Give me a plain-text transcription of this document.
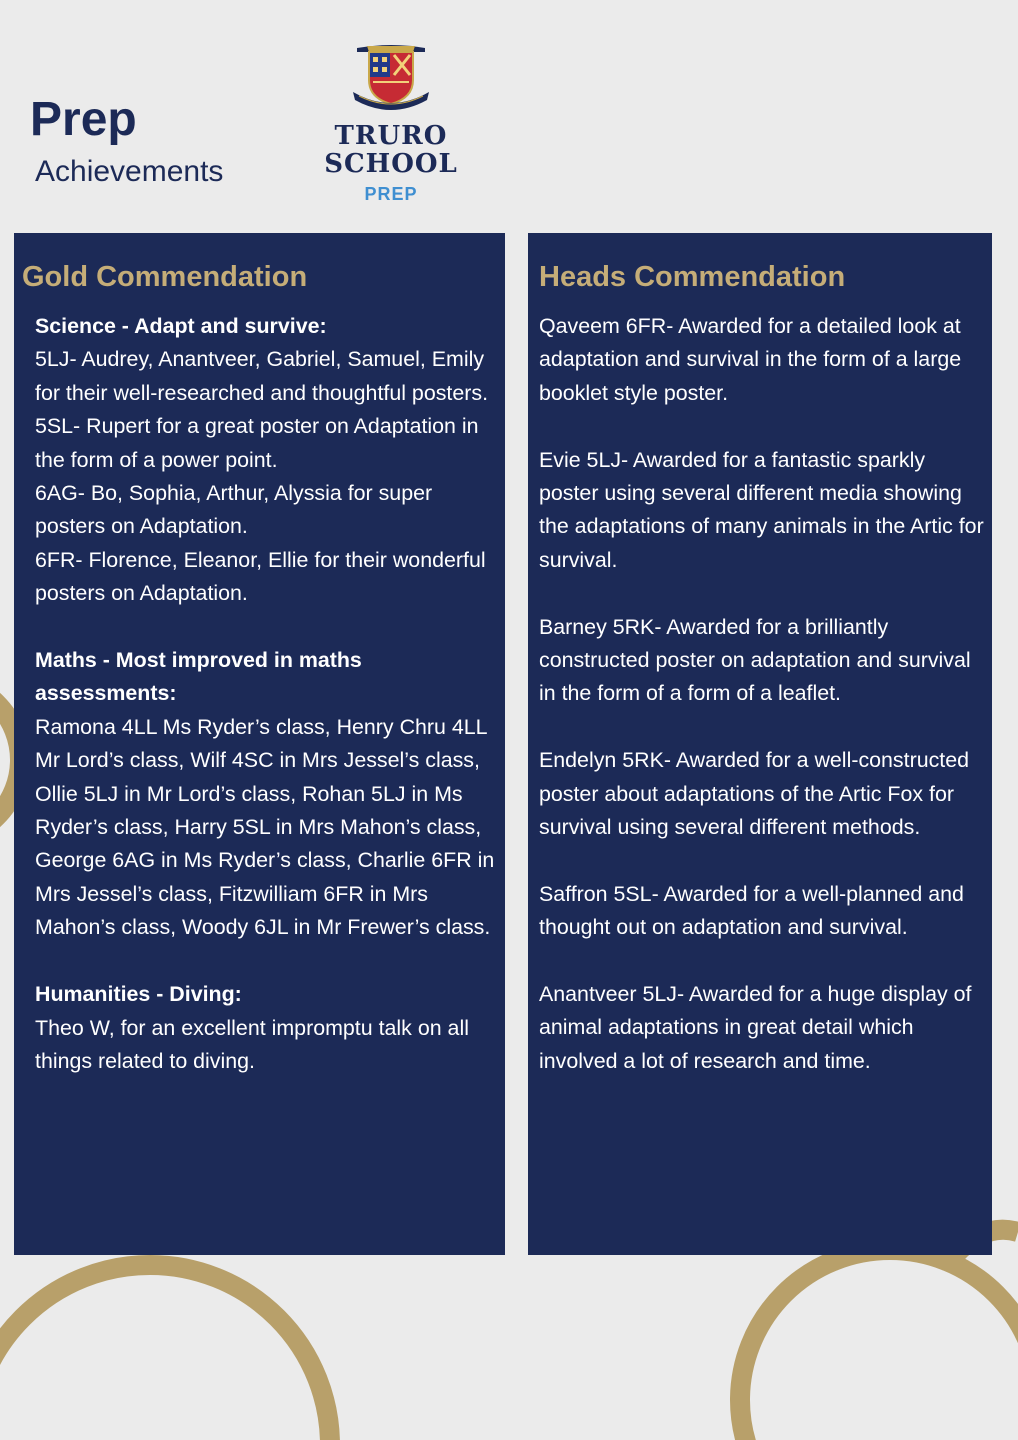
Prep
Achievements
TRURO
SCHOOL
PREP
Gold Commendation

Science - Adapt and survive:

5LJ- Audrey, Anantveer, Gabriel, Samuel, Emily for their well-researched and thoughtful posters.

5SL- Rupert for a great poster on Adaptation in the form of a power point.

6AG- Bo, Sophia, Arthur, Alyssia for super posters on Adaptation.

6FR- Florence, Eleanor, Ellie for their wonderful posters on Adaptation.

Maths - Most improved in maths assessments:

Ramona 4LL Ms Ryder’s class, Henry Chru 4LL Mr Lord’s class, Wilf 4SC in Mrs Jessel’s class, Ollie 5LJ in Mr Lord’s class, Rohan 5LJ in Ms Ryder’s class, Harry 5SL in Mrs Mahon’s class, George 6AG in Ms Ryder’s class, Charlie 6FR in Mrs Jessel’s class, Fitzwilliam 6FR in Mrs Mahon’s class, Woody 6JL in Mr Frewer’s class.

Humanities - Diving:

Theo W, for an excellent impromptu talk on all things related to diving.

Heads Commendation

Qaveem 6FR- Awarded for a detailed look at adaptation and survival in the form of a large booklet style poster.

Evie 5LJ- Awarded for a fantastic sparkly poster using several different media showing the adaptations of many animals in the Artic for survival.

Barney 5RK- Awarded for a brilliantly constructed poster on adaptation and survival in the form of a form of a leaflet.

Endelyn 5RK- Awarded for a well-constructed poster about adaptations of the Artic Fox for survival using several different methods.

Saffron 5SL- Awarded for a well-planned and thought out on adaptation and survival.

Anantveer 5LJ- Awarded for a huge display of animal adaptations in great detail which involved a lot of research and time.
